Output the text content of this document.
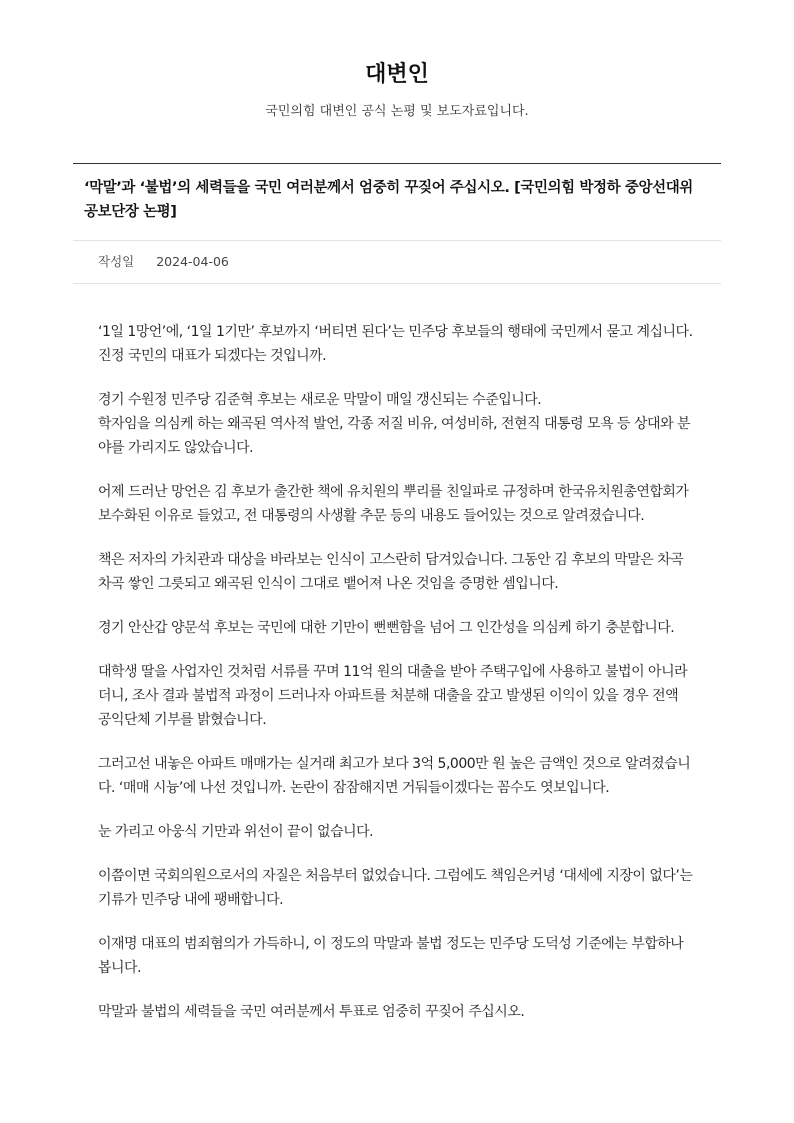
대변인
국민의힘 대변인 공식 논평 및 보도자료입니다.
‘막말’과 ‘불법’의 세력들을 국민 여러분께서 엄중히 꾸짖어 주십시오. [국민의힘 박정하 중앙선대위 공보단장 논평]
작성일 2024-04-06

‘1일 1망언’에, ‘1일 1기만’ 후보까지 ‘버티면 된다’는 민주당 후보들의 행태에 국민께서 묻고 계십니다. 진정 국민의 대표가 되겠다는 것입니까.

경기 수원정 민주당 김준혁 후보는 새로운 막말이 매일 갱신되는 수준입니다.
학자임을 의심케 하는 왜곡된 역사적 발언, 각종 저질 비유, 여성비하, 전현직 대통령 모욕 등 상대와 분야를 가리지도 않았습니다.

어제 드러난 망언은 김 후보가 출간한 책에 유치원의 뿌리를 친일파로 규정하며 한국유치원총연합회가 보수화된 이유로 들었고, 전 대통령의 사생활 추문 등의 내용도 들어있는 것으로 알려졌습니다.

책은 저자의 가치관과 대상을 바라보는 인식이 고스란히 담겨있습니다. 그동안 김 후보의 막말은 차곡차곡 쌓인 그릇되고 왜곡된 인식이 그대로 뱉어져 나온 것임을 증명한 셈입니다.

경기 안산갑 양문석 후보는 국민에 대한 기만이 뻔뻔함을 넘어 그 인간성을 의심케 하기 충분합니다.

대학생 딸을 사업자인 것처럼 서류를 꾸며 11억 원의 대출을 받아 주택구입에 사용하고 불법이 아니라더니, 조사 결과 불법적 과정이 드러나자 아파트를 처분해 대출을 갚고 발생된 이익이 있을 경우 전액 공익단체 기부를 밝혔습니다.

그러고선 내놓은 아파트 매매가는 실거래 최고가 보다 3억 5,000만 원 높은 금액인 것으로 알려졌습니다. ‘매매 시늉’에 나선 것입니까. 논란이 잠잠해지면 거둬들이겠다는 꼼수도 엿보입니다.

눈 가리고 아웅식 기만과 위선이 끝이 없습니다.

이쯤이면 국회의원으로서의 자질은 처음부터 없었습니다. 그럼에도 책임은커녕 ‘대세에 지장이 없다’는 기류가 민주당 내에 팽배합니다.

이재명 대표의 범죄혐의가 가득하니, 이 정도의 막말과 불법 정도는 민주당 도덕성 기준에는 부합하나 봅니다.

막말과 불법의 세력들을 국민 여러분께서 투표로 엄중히 꾸짖어 주십시오.
